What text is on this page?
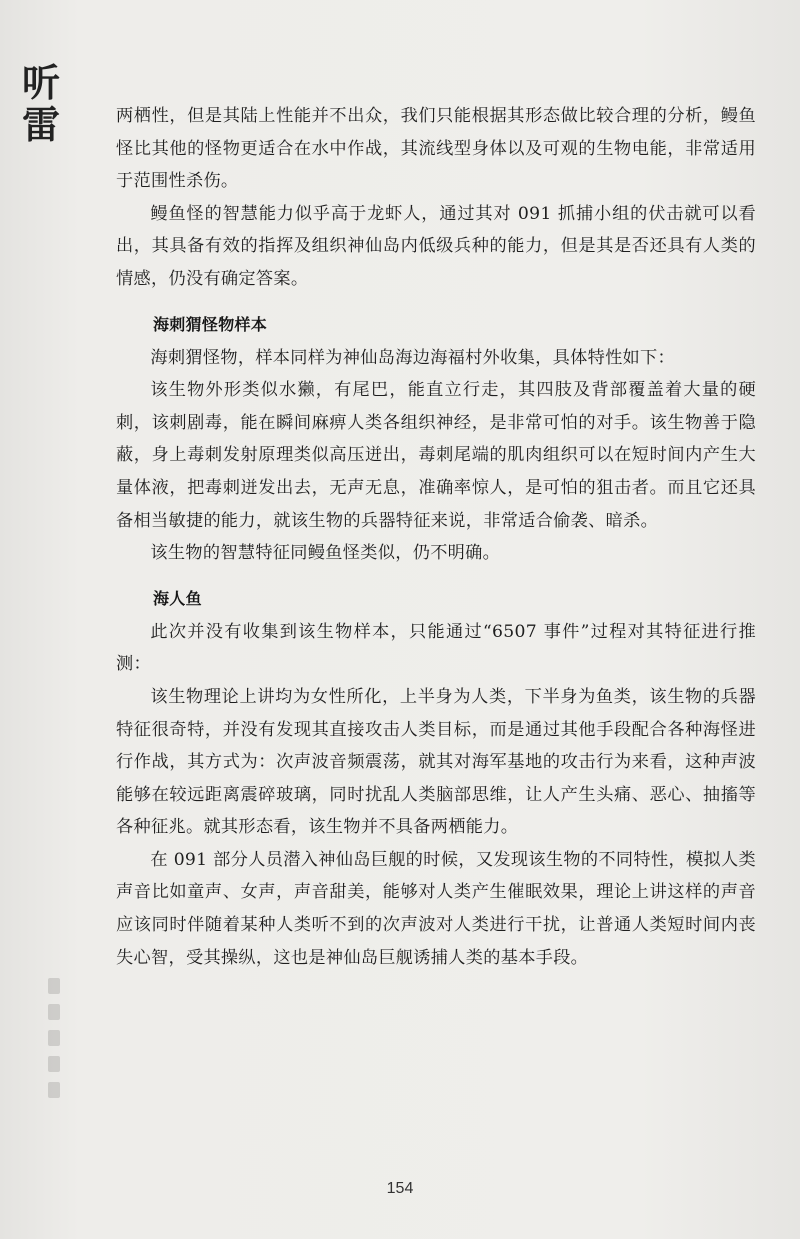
听
雷	两栖性，但是其陆上性能并不出众，我们只能根据其形态做比较合理的分析，鳗鱼怪比其他的怪物更适合在水中作战，其流线型身体以及可观的生物电能，非常适用于范围性杀伤。

鳗鱼怪的智慧能力似乎高于龙虾人，通过其对 091 抓捕小组的伏击就可以看出，其具备有效的指挥及组织神仙岛内低级兵种的能力，但是其是否还具有人类的情感，仍没有确定答案。

海刺猬怪物样本

海刺猬怪物，样本同样为神仙岛海边海福村外收集，具体特性如下：

该生物外形类似水獭，有尾巴，能直立行走，其四肢及背部覆盖着大量的硬刺，该刺剧毒，能在瞬间麻痹人类各组织神经，是非常可怕的对手。该生物善于隐蔽，身上毒刺发射原理类似高压迸出，毒刺尾端的肌肉组织可以在短时间内产生大量体液，把毒刺迸发出去，无声无息，准确率惊人，是可怕的狙击者。而且它还具备相当敏捷的能力，就该生物的兵器特征来说，非常适合偷袭、暗杀。

该生物的智慧特征同鳗鱼怪类似，仍不明确。

海人鱼

此次并没有收集到该生物样本，只能通过“6507 事件”过程对其特征进行推测：

该生物理论上讲均为女性所化，上半身为人类，下半身为鱼类，该生物的兵器特征很奇特，并没有发现其直接攻击人类目标，而是通过其他手段配合各种海怪进行作战，其方式为：次声波音频震荡，就其对海军基地的攻击行为来看，这种声波能够在较远距离震碎玻璃，同时扰乱人类脑部思维，让人产生头痛、恶心、抽搐等各种征兆。就其形态看，该生物并不具备两栖能力。

在 091 部分人员潜入神仙岛巨舰的时候，又发现该生物的不同特性，模拟人类声音比如童声、女声，声音甜美，能够对人类产生催眠效果，理论上讲这样的声音应该同时伴随着某种人类听不到的次声波对人类进行干扰，让普通人类短时间内丧失心智，受其操纵，这也是神仙岛巨舰诱捕人类的基本手段。

154
